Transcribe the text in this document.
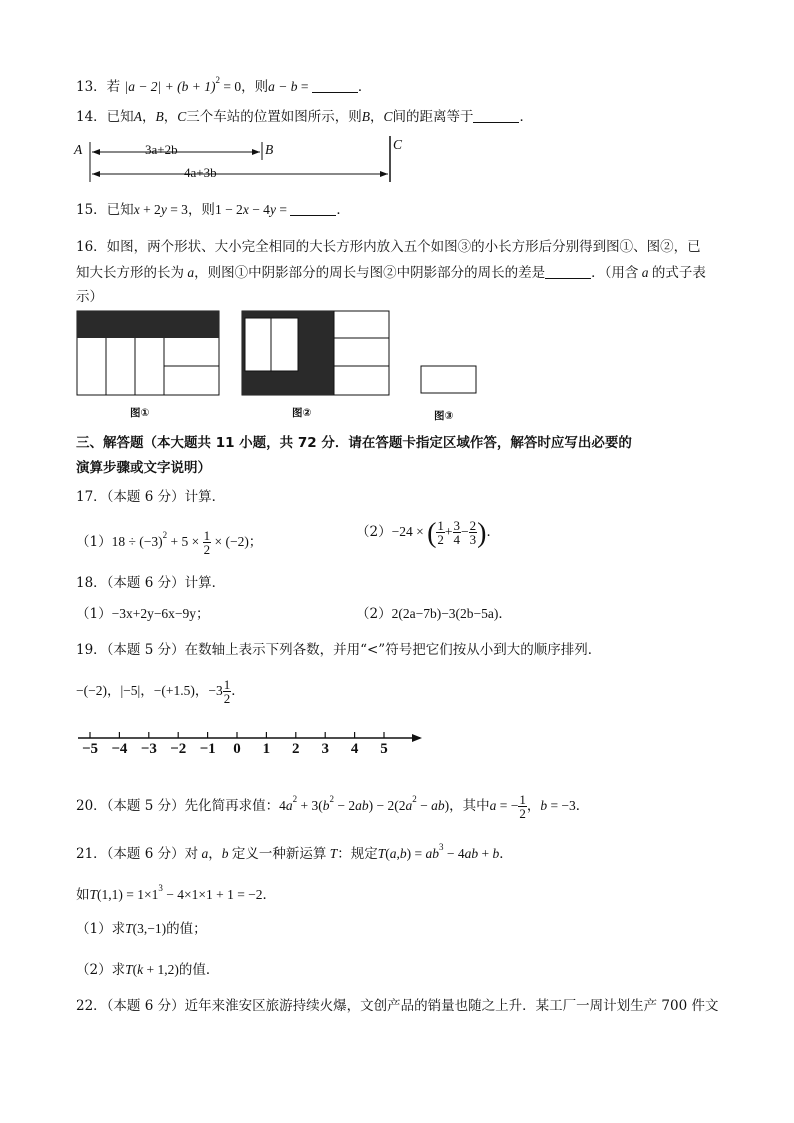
13．若 $|a - 2| + (b + 1)^2 = 0$，则a − b =	．
14．已知A，B，C三个车站的位置如图所示，则B，C间的距离等于	．
A	3a+2b	B	C
4a+3b
15．已知x + 2y = 3，则1 − 2x − 4y =	．
16．如图，两个形状、大小完全相同的大长方形内放入五个如图③的小长方形后分别得到图①、图②，已
知大长方形的长为 a，则图①中阴影部分的周长与图②中阴影部分的周长的差是	．（用含 a 的式子表
示）
图①	图②	图③
三、解答题（本大题共 11 小题，共 72 分．请在答题卡指定区域作答，解答时应写出必要的
演算步骤或文字说明）
17．（本题 6 分）计算．
$(1)18 \div (-3)^2 + 5 \times \frac{1}{2} \times (-2)$；
（2）−24 × ( $\frac{1}{2} + \frac{3}{4} - \frac{2}{3}$ )．
18．（本题 6 分）计算．
（1）−3x+2y−6x−9y；	（2）2(2a−7b)−3(2b−5a)．
19．（本题 5 分）在数轴上表示下列各数，并用“<”符号把它们按从小到大的顺序排列．
−(−2)，|−5|，−(+1.5)，$-3 \frac{1}{2}$ ．
−5 −4 −3 −2 −1	0	1	2	3	4	5
20．（本题 5 分）先化简再求值：$4a^2 + 3(b^2 - 2ab) - 2(2a^2 - ab)$，其中a = − $\frac{1}{2}$ ，b = −3．
21．（本题 6 分）对 a，b 定义一种新运算 T：规定$T(a,b) = ab^3 - 4ab + b$．
如$T(1,1) = 1\times 1^3 - 4\times 1\times 1 + 1 = -2$．
（1）求T(3,−1)的值；
（2）求T(k + 1,2)的值．
22．（本题 6 分）近年来淮安区旅游持续火爆，文创产品的销量也随之上升．某工厂一周计划生产 700 件文
